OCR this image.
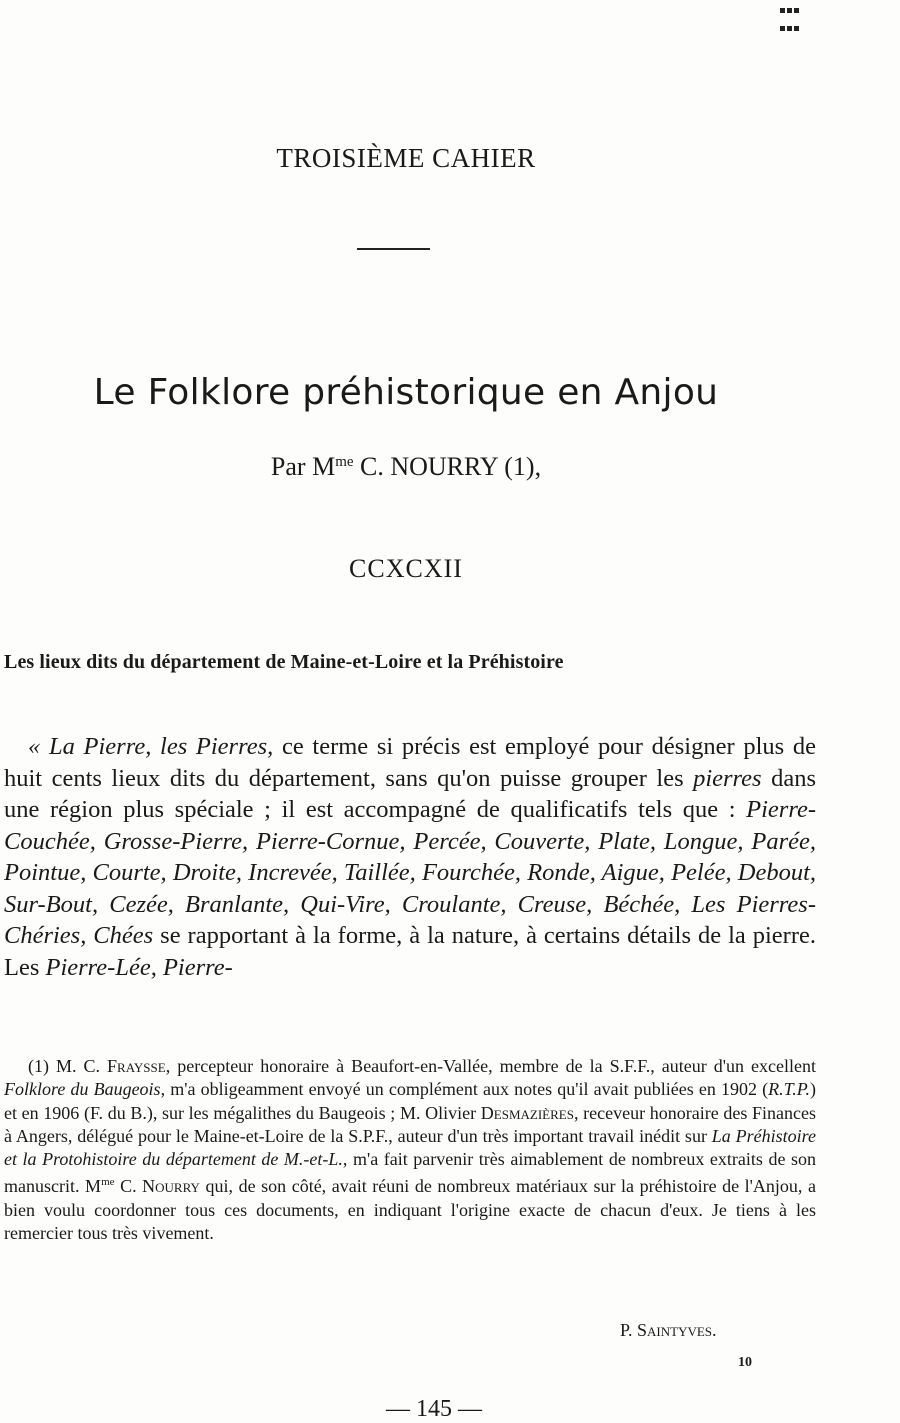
TROISIÈME CAHIER
Le Folklore préhistorique en Anjou
Par $M^{me}$ C. NOURRY (1),
CCXCXII
Les lieux dits du département de Maine-et-Loire et la Préhistoire
« La Pierre, les Pierres, ce terme si précis est employé pour désigner plus de huit cents lieux dits du département, sans qu'on puisse grouper les pierres dans une région plus spéciale ; il est accompagné de qualificatifs tels que : Pierre-Couchée, Grosse-Pierre, Pierre-Cornue, Percée, Couverte, Plate, Longue, Parée, Pointue, Courte, Droite, Increvée, Taillée, Fourchée, Ronde, Aigue, Pelée, Debout, Sur-Bout, Cezée, Branlante, Qui-Vire, Croulante, Creuse, Béchée, Les Pierres-Chéries, Chées se rapportant à la forme, à la nature, à certains détails de la pierre. Les Pierre-Lée, Pierre-
(1) M. C. Fraysse, percepteur honoraire à Beaufort-en-Vallée, membre de la S.F.F., auteur d'un excellent Folklore du Baugeois, m'a obligeamment envoyé un complément aux notes qu'il avait publiées en 1902 (R.T.P.) et en 1906 (F. du B.), sur les mégalithes du Baugeois ; M. Olivier Desmazières, receveur honoraire des Finances à Angers, délégué pour le Maine-et-Loire de la S.P.F., auteur d'un très important travail inédit sur La Préhistoire et la Protohistoire du département de M.-et-L., m'a fait parvenir très aimablement de nombreux extraits de son manuscrit. $M^{me}$ C. Nourry qui, de son côté, avait réuni de nombreux matériaux sur la préhistoire de l'Anjou, a bien voulu coordonner tous ces documents, en indiquant l'origine exacte de chacun d'eux. Je tiens à les remercier tous très vivement.
P. Saintyves.
10
— 145 —
